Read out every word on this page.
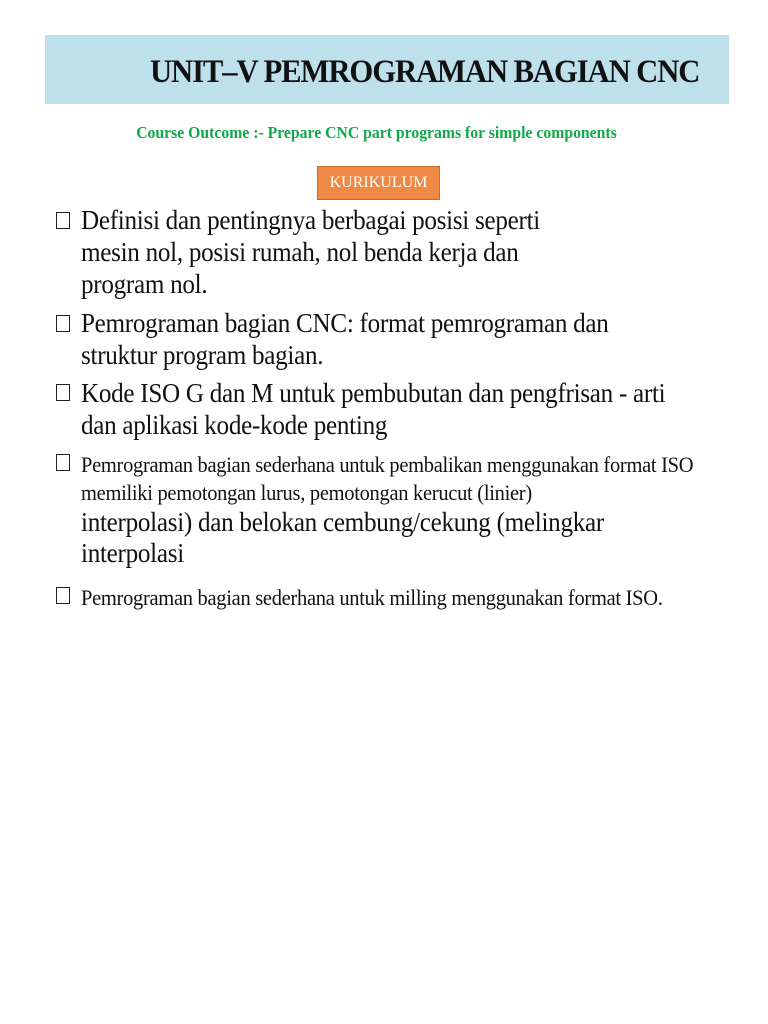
UNIT–V PEMROGRAMAN BAGIAN CNC
Course Outcome :- Prepare CNC part programs for simple components
KURIKULUM

Definisi dan pentingnya berbagai posisi seperti
mesin nol, posisi rumah, nol benda kerja dan
program nol.

Pemrograman bagian CNC: format pemrograman dan
struktur program bagian.

Kode ISO G dan M untuk pembubutan dan pengfrisan - arti
dan aplikasi kode-kode penting

Pemrograman bagian sederhana untuk pembalikan menggunakan format ISO
memiliki pemotongan lurus, pemotongan kerucut (linier)
interpolasi) dan belokan cembung/cekung (melingkar
interpolasi

Pemrograman bagian sederhana untuk milling menggunakan format ISO.
